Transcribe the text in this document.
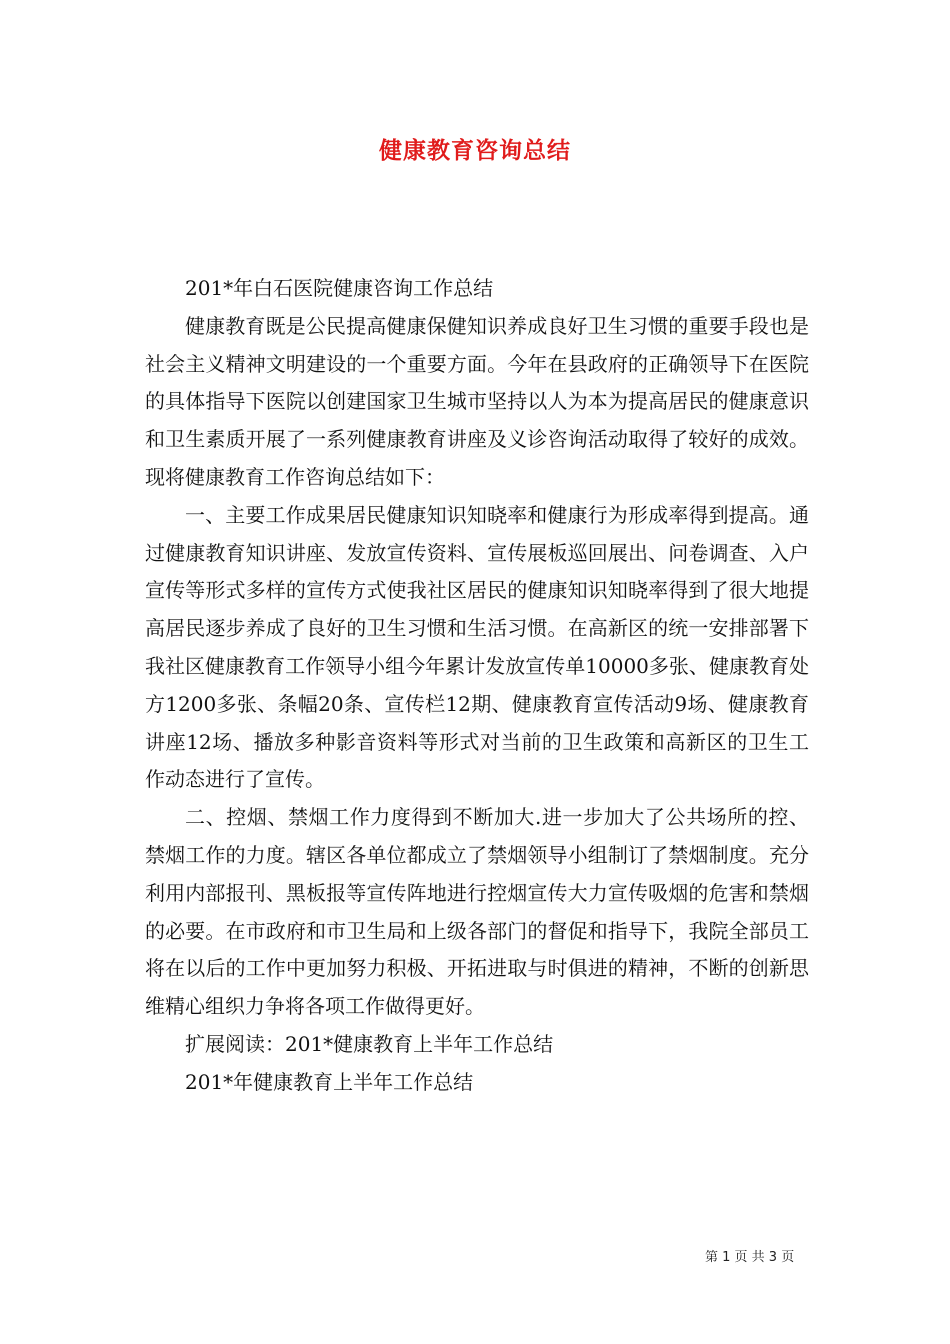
健康教育咨询总结

201*年白石医院健康咨询工作总结

健康教育既是公民提高健康保健知识养成良好卫生习惯的重要手段也是社会主义精神文明建设的一个重要方面。今年在县政府的正确领导下在医院的具体指导下医院以创建国家卫生城市坚持以人为本为提高居民的健康意识和卫生素质开展了一系列健康教育讲座及义诊咨询活动取得了较好的成效。现将健康教育工作咨询总结如下：

一、主要工作成果居民健康知识知晓率和健康行为形成率得到提高。通过健康教育知识讲座、发放宣传资料、宣传展板巡回展出、问卷调查、入户宣传等形式多样的宣传方式使我社区居民的健康知识知晓率得到了很大地提高居民逐步养成了良好的卫生习惯和生活习惯。在高新区的统一安排部署下我社区健康教育工作领导小组今年累计发放宣传单10000多张、健康教育处方1200多张、条幅20条、宣传栏12期、健康教育宣传活动9场、健康教育讲座12场、播放多种影音资料等形式对当前的卫生政策和高新区的卫生工作动态进行了宣传。

二、控烟、禁烟工作力度得到不断加大.进一步加大了公共场所的控、禁烟工作的力度。辖区各单位都成立了禁烟领导小组制订了禁烟制度。充分利用内部报刊、黑板报等宣传阵地进行控烟宣传大力宣传吸烟的危害和禁烟的必要。在市政府和市卫生局和上级各部门的督促和指导下，我院全部员工将在以后的工作中更加努力积极、开拓进取与时俱进的精神，不断的创新思维精心组织力争将各项工作做得更好。

扩展阅读：201*健康教育上半年工作总结

201*年健康教育上半年工作总结

第 1 页 共 3 页
